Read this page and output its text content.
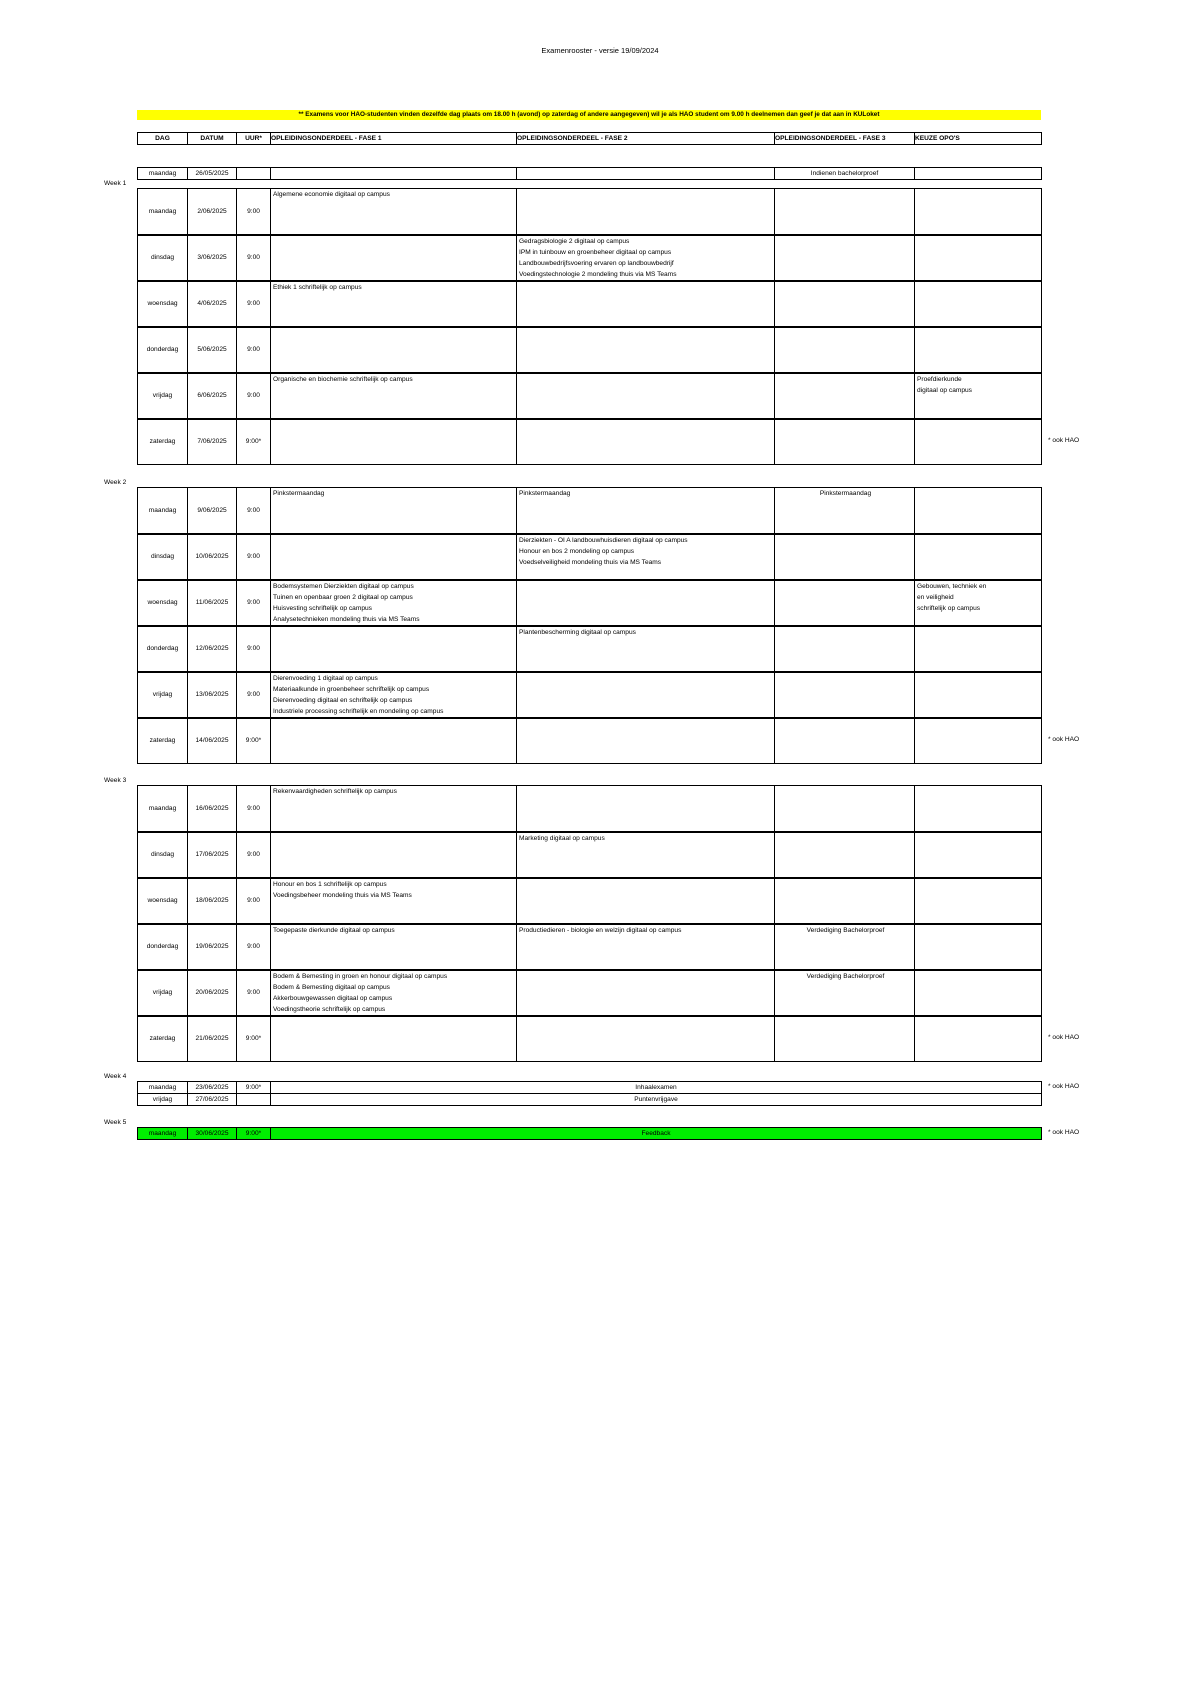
Examenrooster - versie 19/09/2024
** Examens voor HAO-studenten vinden dezelfde dag plaats om 18.00 h (avond) op zaterdag of andere aangegeven) wil je als HAO student om 9.00 h deelnemen dan geef je dat aan in KULoket
DAG	DATUM	UUR*	OPLEIDINGSONDERDEEL - FASE 1	OPLEIDINGSONDERDEEL - FASE 2	OPLEIDINGSONDERDEEL - FASE 3	KEUZE OPO'S
maandag	26/05/2025				Indienen bachelorproef	
Week 1
* ook HAO
maandag	2/06/2025	9:00	Algemene economie digitaal op campus			

dinsdag	3/06/2025	9:00		Gedragsbiologie 2 digitaal op campus
IPM in tuinbouw en groenbeheer digitaal op campus
Landbouwbedrijfsvoering ervaren op landbouwbedrijf
Voedingstechnologie 2 mondeling thuis via MS Teams		

woensdag	4/06/2025	9:00	Ethiek 1 schriftelijk op campus			

donderdag	5/06/2025	9:00				
vrijdag	6/06/2025	9:00	Organische en biochemie schriftelijk op campus			Proefdierkunde
digitaal op campus

zaterdag	7/06/2025	9:00*				
Week 2
* ook HAO
maandag	9/06/2025	9:00	Pinkstermaandag	Pinkstermaandag	Pinkstermaandag	

dinsdag	10/06/2025	9:00		Dierziekten - OI A landbouwhuisdieren digitaal op campus
Honour en bos 2 mondeling op campus
Voedselveiligheid mondeling thuis via MS Teams		

woensdag	11/06/2025	9:00	Bodemsystemen Dierziekten digitaal op campus
Tuinen en openbaar groen 2 digitaal op campus
Huisvesting schriftelijk op campus
Analysetechnieken mondeling thuis via MS Teams			Gebouwen, techniek en
en veiligheid
schriftelijk op campus

donderdag	12/06/2025	9:00		Plantenbescherming digitaal op campus		

vrijdag	13/06/2025	9:00	Dierenvoeding 1 digitaal op campus
Materiaalkunde in groenbeheer schriftelijk op campus
Dierenvoeding digitaal en schriftelijk op campus
Industriele processing schriftelijk en mondeling op campus			

zaterdag	14/06/2025	9:00*				
Week 3
* ook HAO
maandag	16/06/2025	9:00	Rekenvaardigheden schriftelijk op campus			

dinsdag	17/06/2025	9:00		Marketing digitaal op campus		

woensdag	18/06/2025	9:00	Honour en bos 1 schriftelijk op campus
Voedingsbeheer mondeling thuis via MS Teams			

donderdag	19/06/2025	9:00	Toegepaste dierkunde digitaal op campus	Productiedieren - biologie en welzijn digitaal op campus	Verdediging Bachelorproef	

vrijdag	20/06/2025	9:00	Bodem & Bemesting in groen en honour digitaal op campus
Bodem & Bemesting digitaal op campus
Akkerbouwgewassen digitaal op campus
Voedingstheorie schriftelijk op campus		Verdediging Bachelorproef	

zaterdag	21/06/2025	9:00*				
Week 4
* ook HAO
maandag	23/06/2025	9:00*	Inhaalexamen
vrijdag	27/06/2025		Puntenvrijgave
Week 5
* ook HAO
maandag	30/06/2025	9:00*	Feedback
